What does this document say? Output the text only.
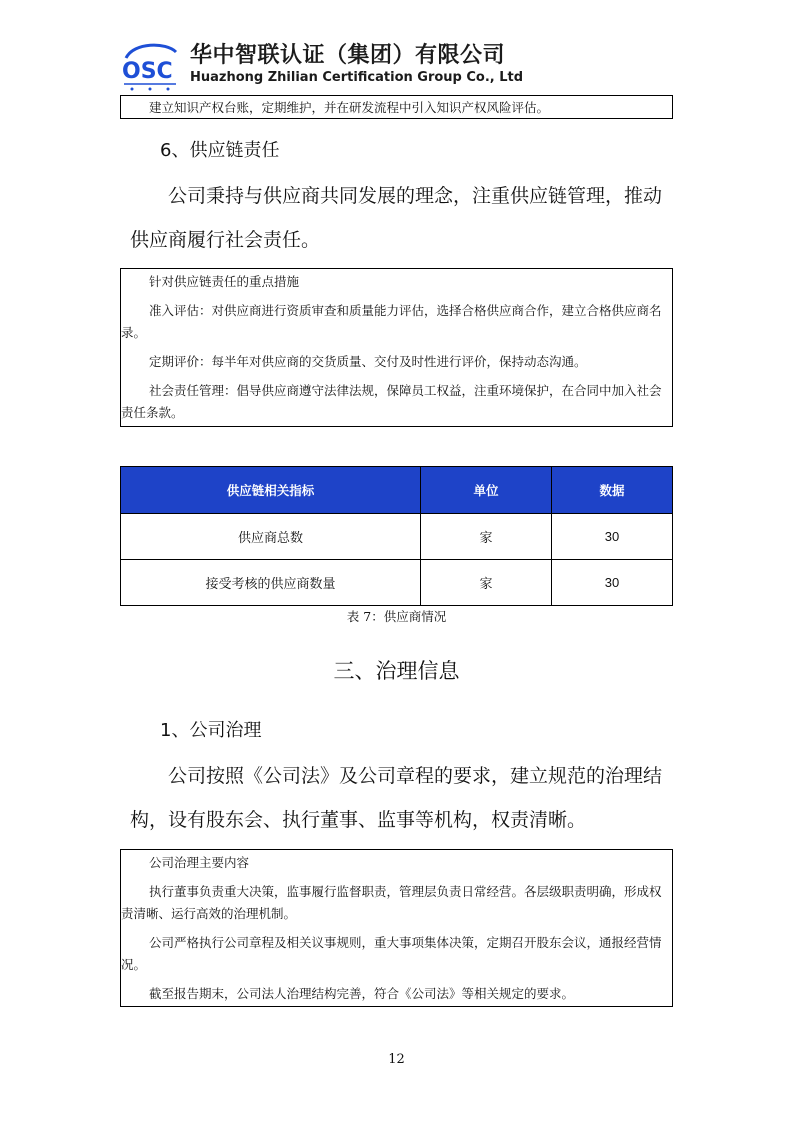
OSC
华中智联认证（集团）有限公司
Huazhong Zhilian Certification Group Co., Ltd

建立知识产权台账，定期维护，并在研发流程中引入知识产权风险评估。

6、供应链责任

公司秉持与供应商共同发展的理念，注重供应链管理，推动供应商履行社会责任。

针对供应链责任的重点措施

准入评估：对供应商进行资质审查和质量能力评估，选择合格供应商合作，建立合格供应商名录。

定期评价：每半年对供应商的交货质量、交付及时性进行评价，保持动态沟通。

社会责任管理：倡导供应商遵守法律法规，保障员工权益，注重环境保护，在合同中加入社会责任条款。

供应链相关指标	单位	数据
供应商总数	家	30
接受考核的供应商数量	家	30
表 7：供应商情况
三、治理信息
1、公司治理

公司按照《公司法》及公司章程的要求，建立规范的治理结构，设有股东会、执行董事、监事等机构，权责清晰。

公司治理主要内容

执行董事负责重大决策，监事履行监督职责，管理层负责日常经营。各层级职责明确，形成权责清晰、运行高效的治理机制。

公司严格执行公司章程及相关议事规则，重大事项集体决策，定期召开股东会议，通报经营情况。

截至报告期末，公司法人治理结构完善，符合《公司法》等相关规定的要求。

12
